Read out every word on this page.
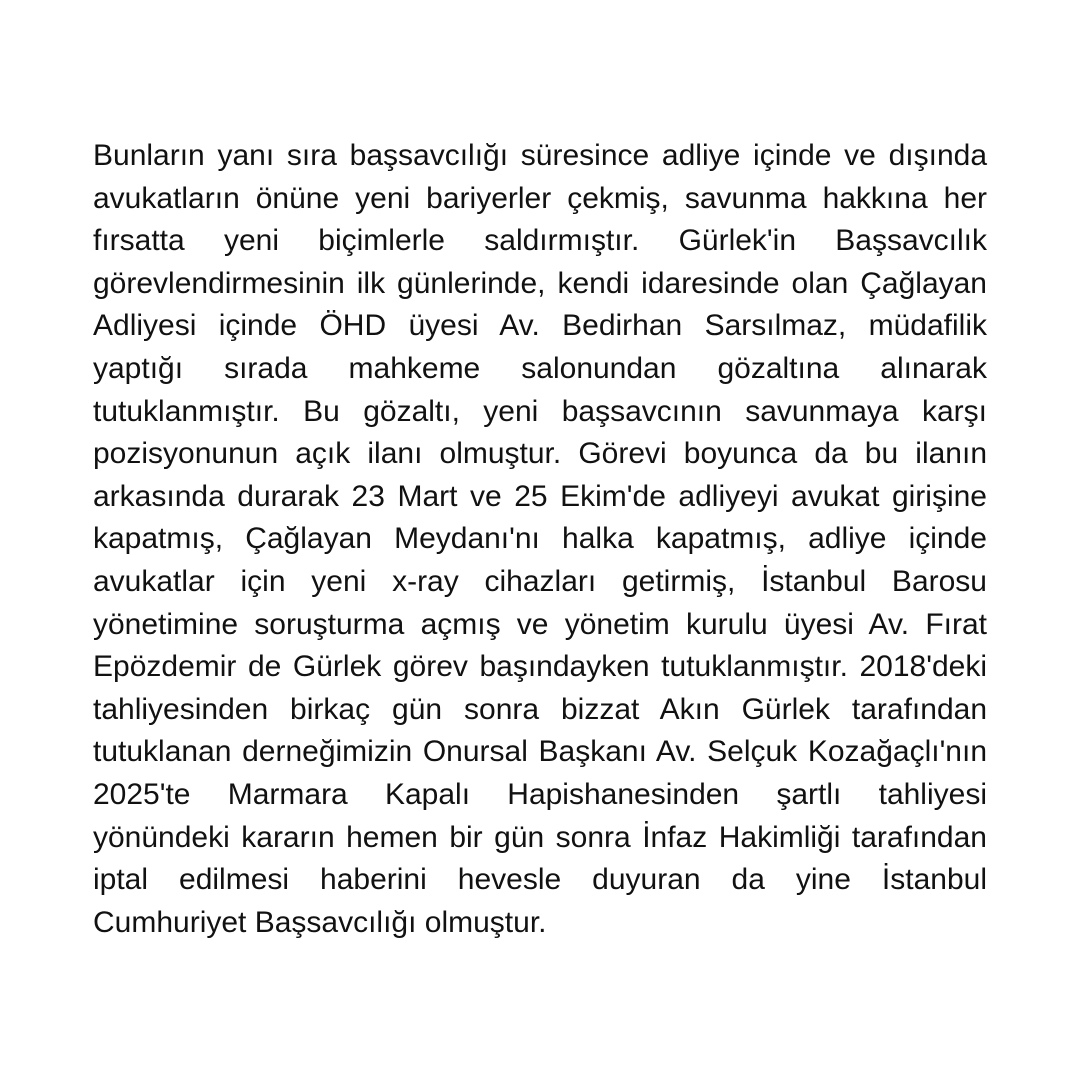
Bunların yanı sıra başsavcılığı süresince adliye içinde ve dışında avukatların önüne yeni bariyerler çekmiş, savunma hakkına her fırsatta yeni biçimlerle saldırmıştır. Gürlek'in Başsavcılık görevlendirmesinin ilk günlerinde, kendi idaresinde olan Çağlayan Adliyesi içinde ÖHD üyesi Av. Bedirhan Sarsılmaz, müdafilik yaptığı sırada mahkeme salonundan gözaltına alınarak tutuklanmıştır. Bu gözaltı, yeni başsavcının savunmaya karşı pozisyonunun açık ilanı olmuştur. Görevi boyunca da bu ilanın arkasında durarak 23 Mart ve 25 Ekim'de adliyeyi avukat girişine kapatmış, Çağlayan Meydanı'nı halka kapatmış, adliye içinde avukatlar için yeni x-ray cihazları getirmiş, İstanbul Barosu yönetimine soruşturma açmış ve yönetim kurulu üyesi Av. Fırat Epözdemir de Gürlek görev başındayken tutuklanmıştır. 2018'deki tahliyesinden birkaç gün sonra bizzat Akın Gürlek tarafından tutuklanan derneğimizin Onursal Başkanı Av. Selçuk Kozağaçlı'nın 2025'te Marmara Kapalı Hapishanesinden şartlı tahliyesi yönündeki kararın hemen bir gün sonra İnfaz Hakimliği tarafından iptal edilmesi haberini hevesle duyuran da yine İstanbul Cumhuriyet Başsavcılığı olmuştur.
